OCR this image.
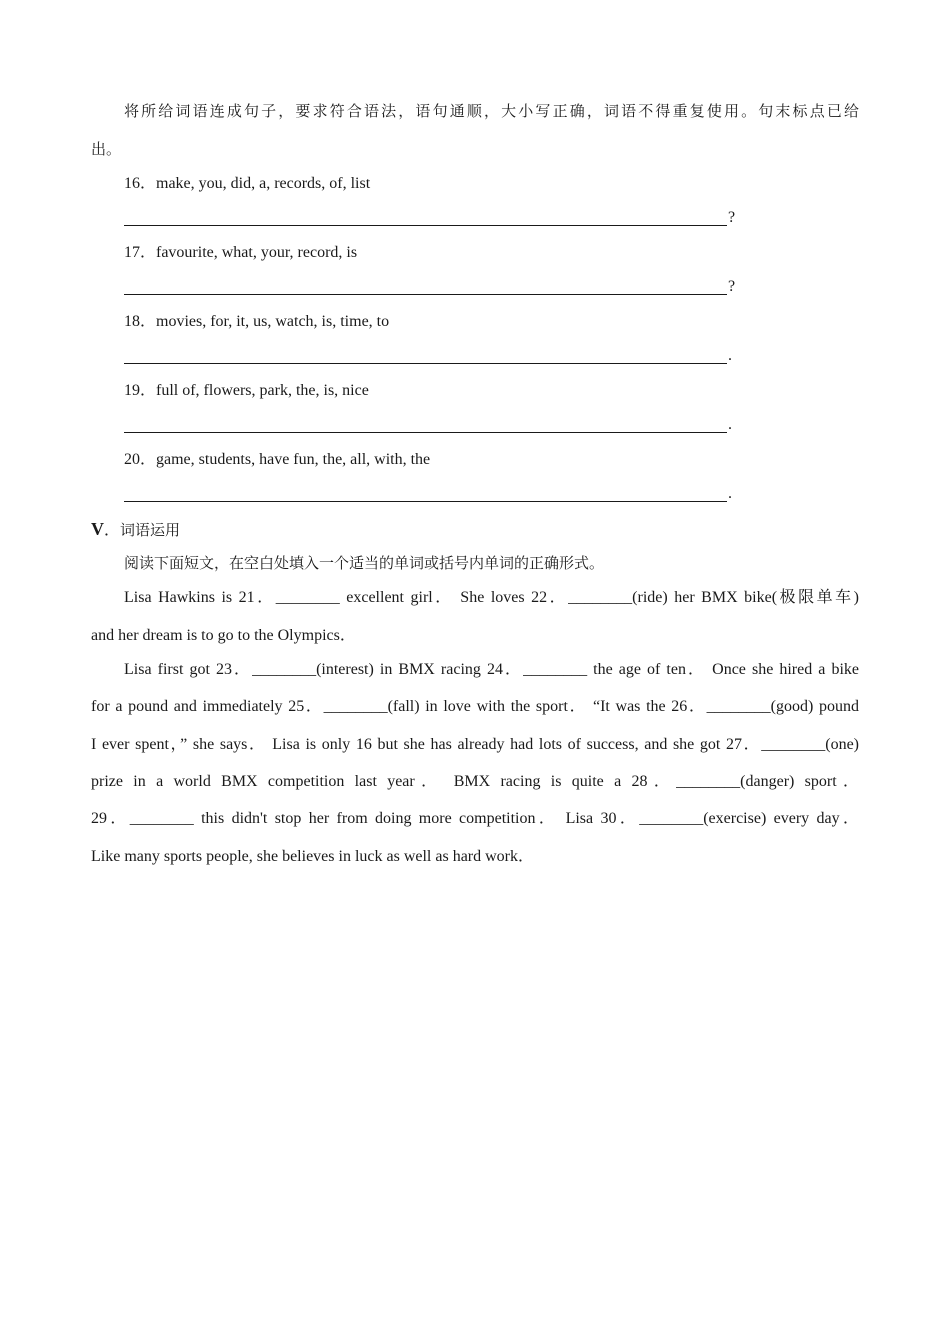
将所给词语连成句子，要求符合语法，语句通顺，大小写正确，词语不得重复使用。句末标点已给
出。
16．make, you, did, a, records, of, list
?
17．favourite, what, your, record, is
?
18．movies, for, it, us, watch, is, time, to
.
19．full of, flowers, park, the, is, nice
.
20．game, students, have fun, the, all, with, the
.
V．词语运用
阅读下面短文，在空白处填入一个适当的单词或括号内单词的正确形式。
Lisa Hawkins is 21．________ excellent girl． She loves 22．________(ride) her BMX bike(极限单车)
and her dream is to go to the Olympics．
Lisa first got 23．________(interest) in BMX racing 24．________ the age of ten． Once she hired a bike
for a pound and immediately 25．________(fall) in love with the sport． “It was the 26．________(good) pound
I ever spent，” she says． Lisa is only 16 but she has already had lots of success, and she got 27．________(one)
prize in a world BMX competition last year． BMX racing is quite a 28．________(danger) sport．
29．________ this didn't stop her from doing more competition． Lisa 30．________(exercise) every day．
Like many sports people, she believes in luck as well as hard work．
